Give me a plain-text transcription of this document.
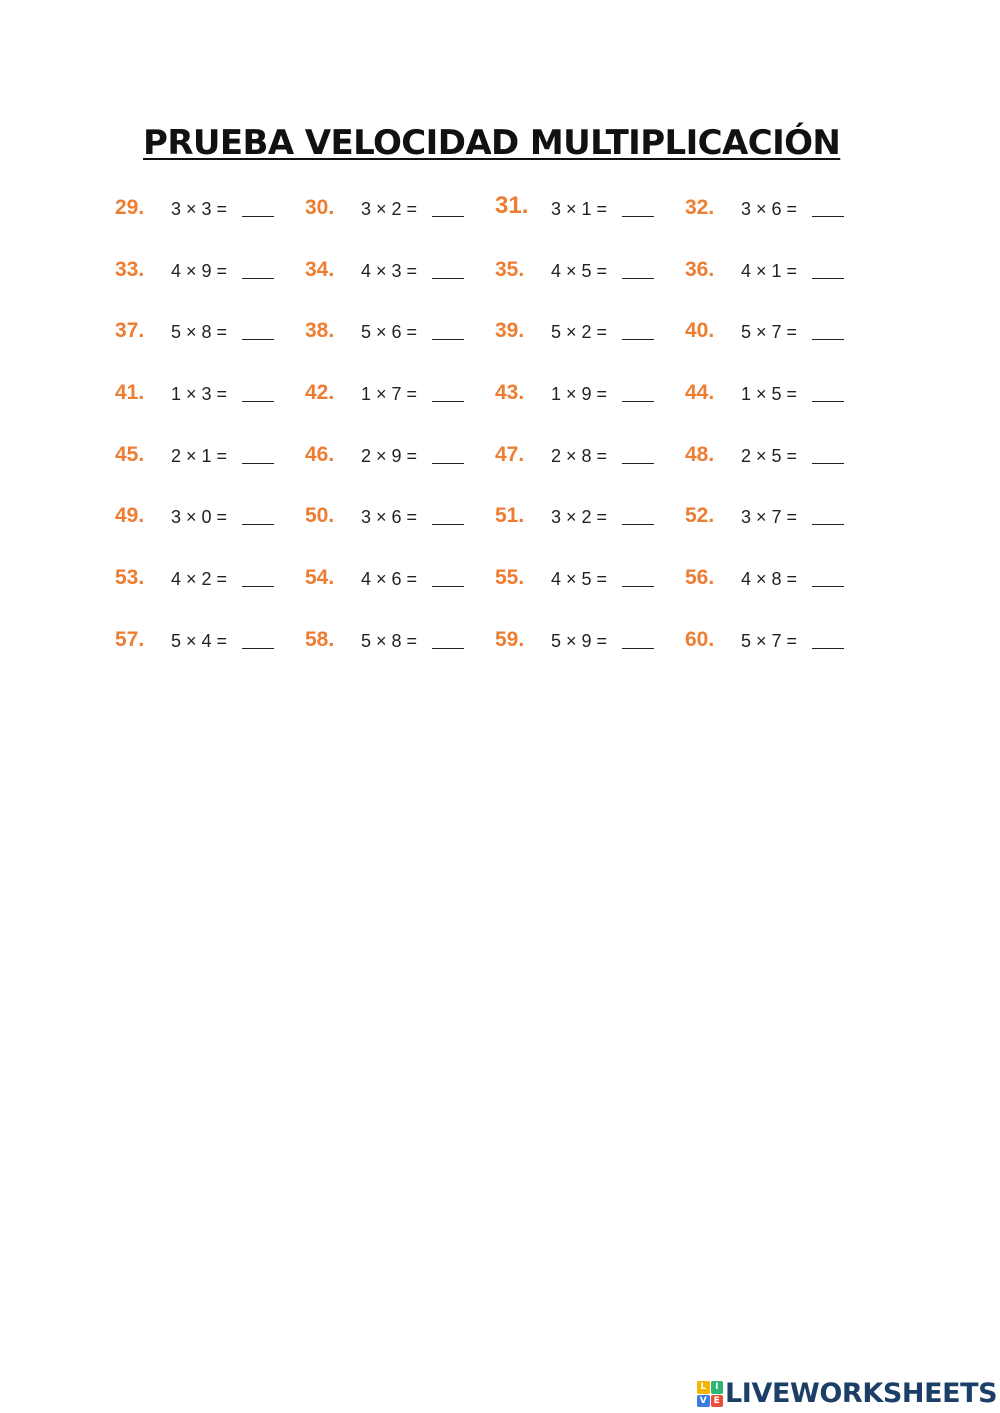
PRUEBA VELOCIDAD MULTIPLICACIÓN
29. 3 × 3 =	30. 3 × 2 =	31. 3 × 1 =	32. 3 × 6 =
33. 4 × 9 =	34. 4 × 3 =	35. 4 × 5 =	36. 4 × 1 =
37. 5 × 8 =	38. 5 × 6 =	39. 5 × 2 =	40. 5 × 7 =
41. 1 × 3 =	42. 1 × 7 =	43. 1 × 9 =	44. 1 × 5 =
45. 2 × 1 =	46. 2 × 9 =	47. 2 × 8 =	48. 2 × 5 =
49. 3 × 0 =	50. 3 × 6 =	51. 3 × 2 =	52. 3 × 7 =
53. 4 × 2 =	54. 4 × 6 =	55. 4 × 5 =	56. 4 × 8 =
57. 5 × 4 =	58. 5 × 8 =	59. 5 × 9 =	60. 5 × 7 =
L I
V E LIVEWORKSHEETS
